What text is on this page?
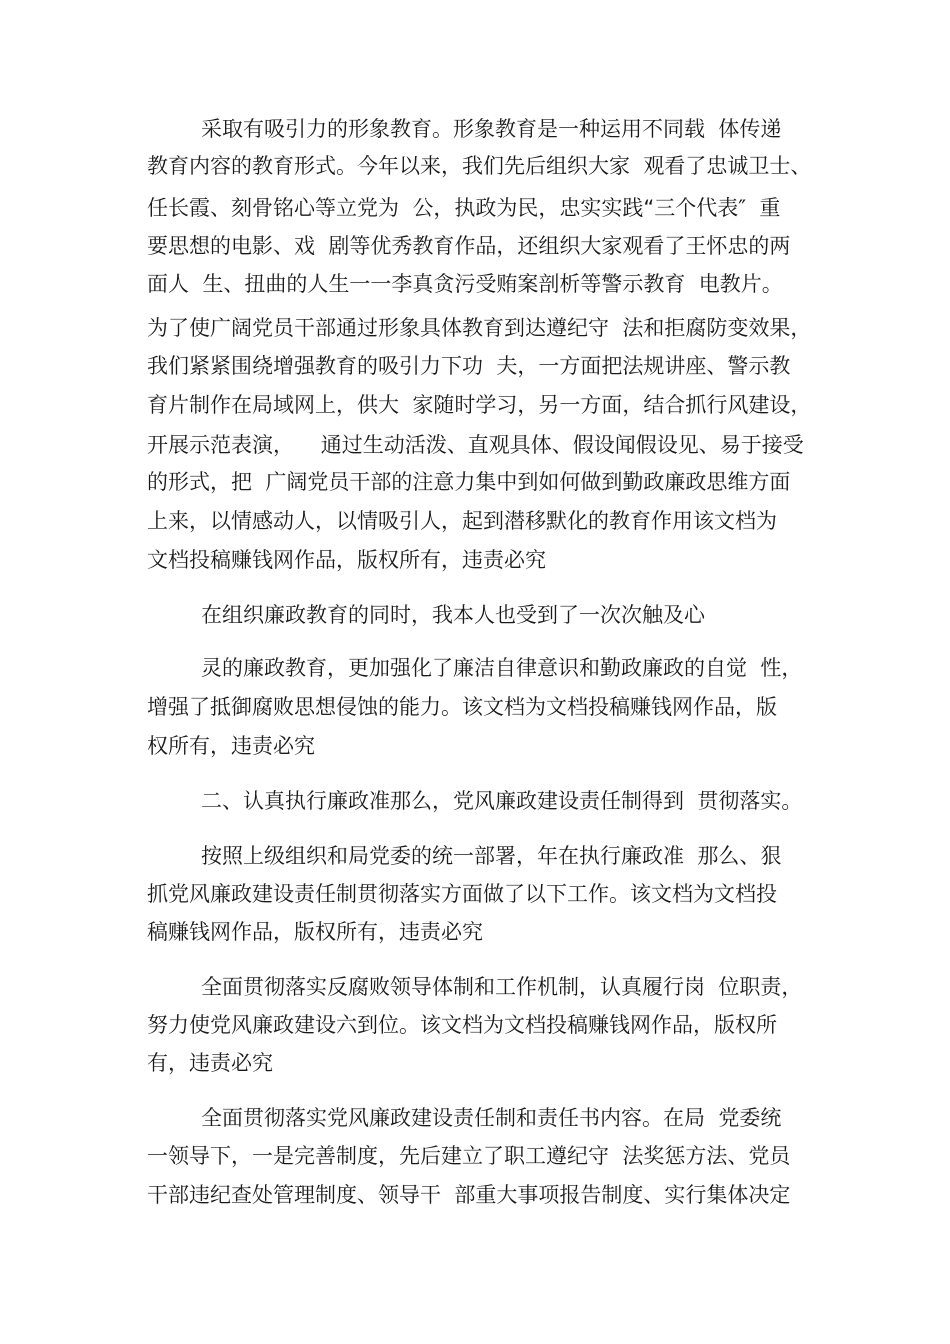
采取有吸引力的形象教育。形象教育是一种运用不同载  体传递
教育内容的教育形式。今年以来，我们先后组织大家  观看了忠诚卫士、
任长霞、刻骨铭心等立党为  公，执政为民，忠实实践“三个代表″  重
要思想的电影、戏  剧等优秀教育作品，还组织大家观看了王怀忠的两
面人  生、扭曲的人生一一李真贪污受贿案剖析等警示教育  电教片。
为了使广阔党员干部通过形象具体教育到达遵纪守  法和拒腐防变效果，
我们紧紧围绕增强教育的吸引力下功  夫，一方面把法规讲座、警示教
育片制作在局域网上，供大  家随时学习，另一方面，结合抓行风建设，
开展示范表演，    通过生动活泼、直观具体、假设闻假设见、易于接受
的形式，把  广阔党员干部的注意力集中到如何做到勤政廉政思维方面
上来，以情感动人，以情吸引人，起到潜移默化的教育作用该文档为
文档投稿赚钱网作品，版权所有，违责必究
在组织廉政教育的同时，我本人也受到了一次次触及心
灵的廉政教育，更加强化了廉洁自律意识和勤政廉政的自觉  性，
增强了抵御腐败思想侵蚀的能力。该文档为文档投稿赚钱网作品，版
权所有，违责必究
二、认真执行廉政准那么，党风廉政建设责任制得到  贯彻落实。
按照上级组织和局党委的统一部署，年在执行廉政准  那么、狠
抓党风廉政建设责任制贯彻落实方面做了以下工作。该文档为文档投
稿赚钱网作品，版权所有，违责必究
全面贯彻落实反腐败领导体制和工作机制，认真履行岗  位职责，
努力使党风廉政建设六到位。该文档为文档投稿赚钱网作品，版权所
有，违责必究
全面贯彻落实党风廉政建设责任制和责任书内容。在局  党委统
一领导下，一是完善制度，先后建立了职工遵纪守  法奖惩方法、党员
干部违纪查处管理制度、领导干  部重大事项报告制度、实行集体决定
